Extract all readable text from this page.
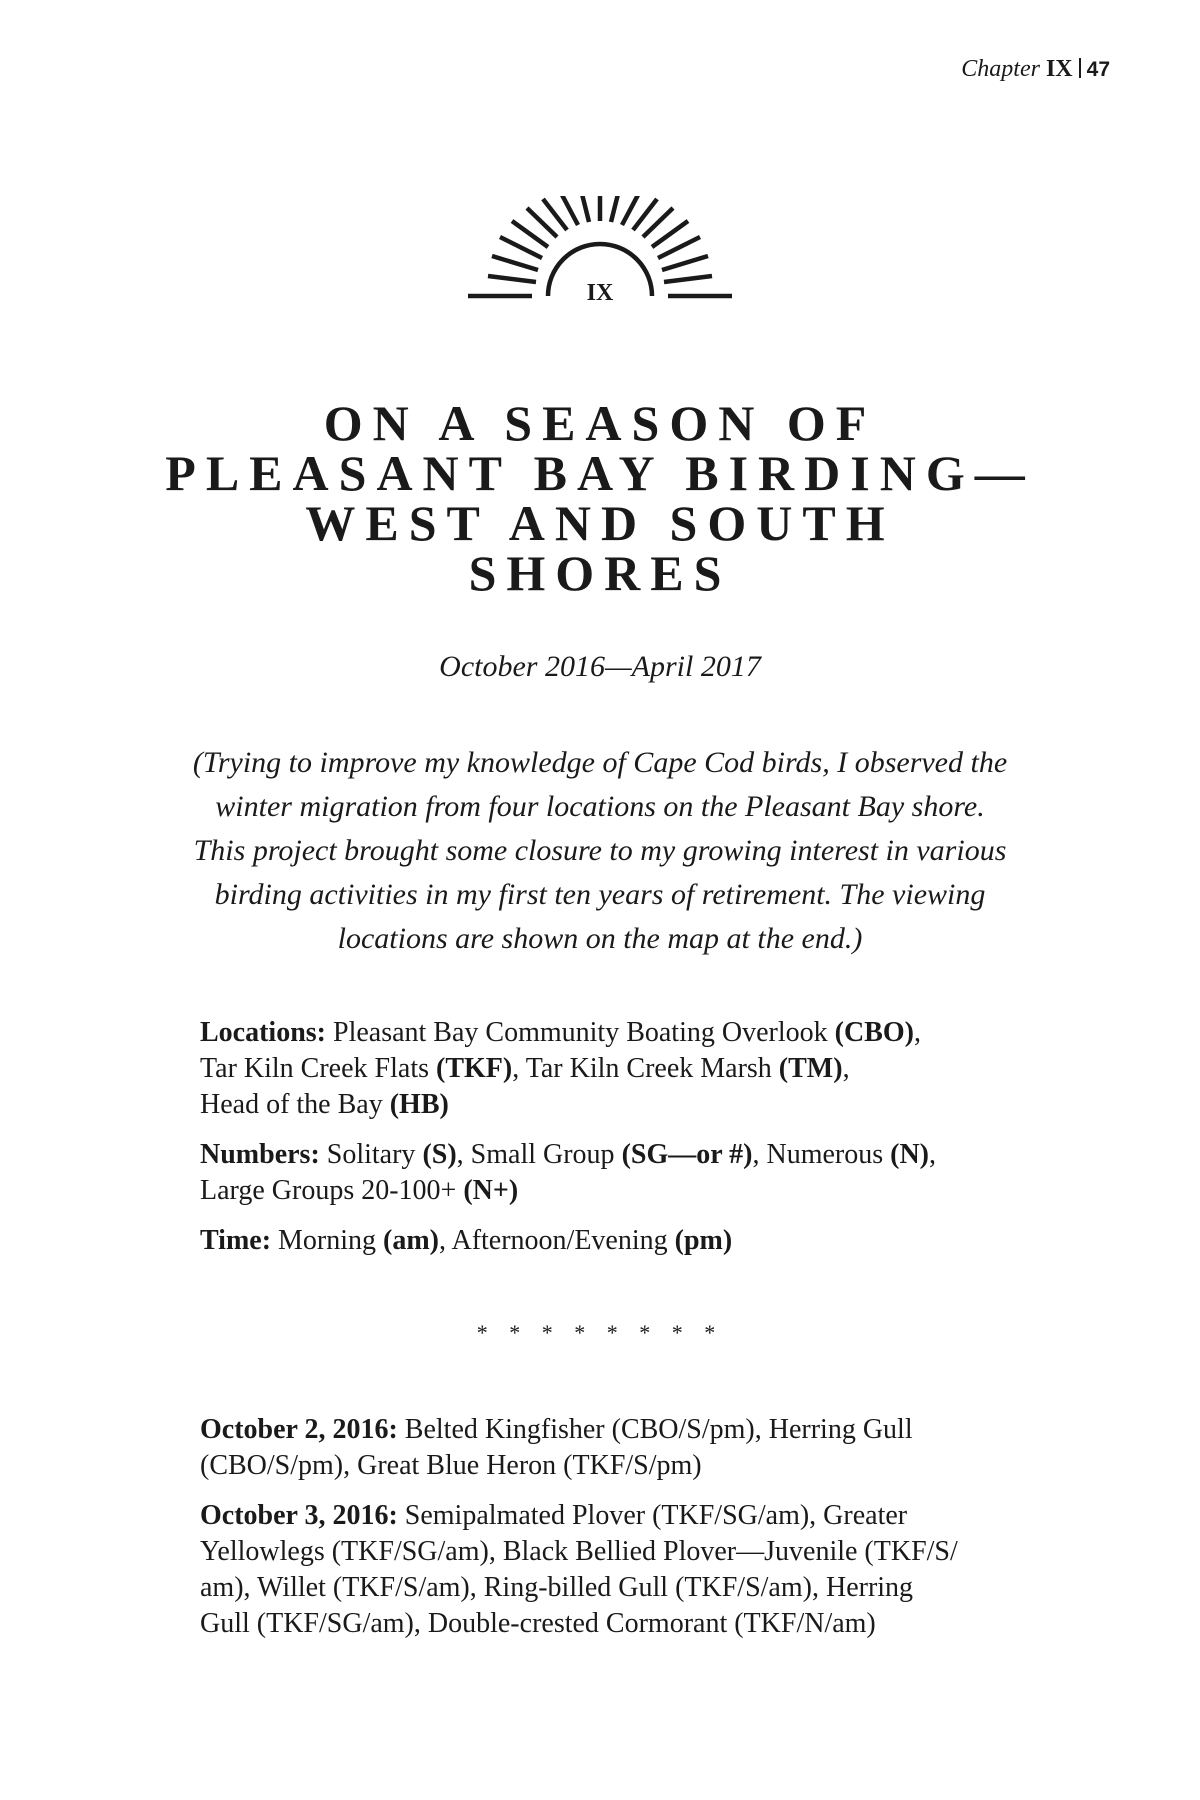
Chapter IX 47
IX
ON A SEASON OF
PLEASANT BAY BIRDING—
WEST AND SOUTH
SHORES
October 2016—April 2017
(Trying to improve my knowledge of Cape Cod birds, I observed the
winter migration from four locations on the Pleasant Bay shore.
This project brought some closure to my growing interest in various
birding activities in my first ten years of retirement. The viewing
locations are shown on the map at the end.)

Locations: Pleasant Bay Community Boating Overlook (CBO),
Tar Kiln Creek Flats (TKF), Tar Kiln Creek Marsh (TM),
Head of the Bay (HB)

Numbers: Solitary (S), Small Group (SG—or #), Numerous (N),
Large Groups 20-100+ (N+)

Time: Morning (am), Afternoon/Evening (pm)

* * * * * * * *

October 2, 2016: Belted Kingfisher (CBO/S/pm), Herring Gull
(CBO/S/pm), Great Blue Heron (TKF/S/pm)

October 3, 2016: Semipalmated Plover (TKF/SG/am), Greater
Yellowlegs (TKF/SG/am), Black Bellied Plover—Juvenile (TKF/S/
am), Willet (TKF/S/am), Ring-billed Gull (TKF/S/am), Herring
Gull (TKF/SG/am), Double-crested Cormorant (TKF/N/am)
